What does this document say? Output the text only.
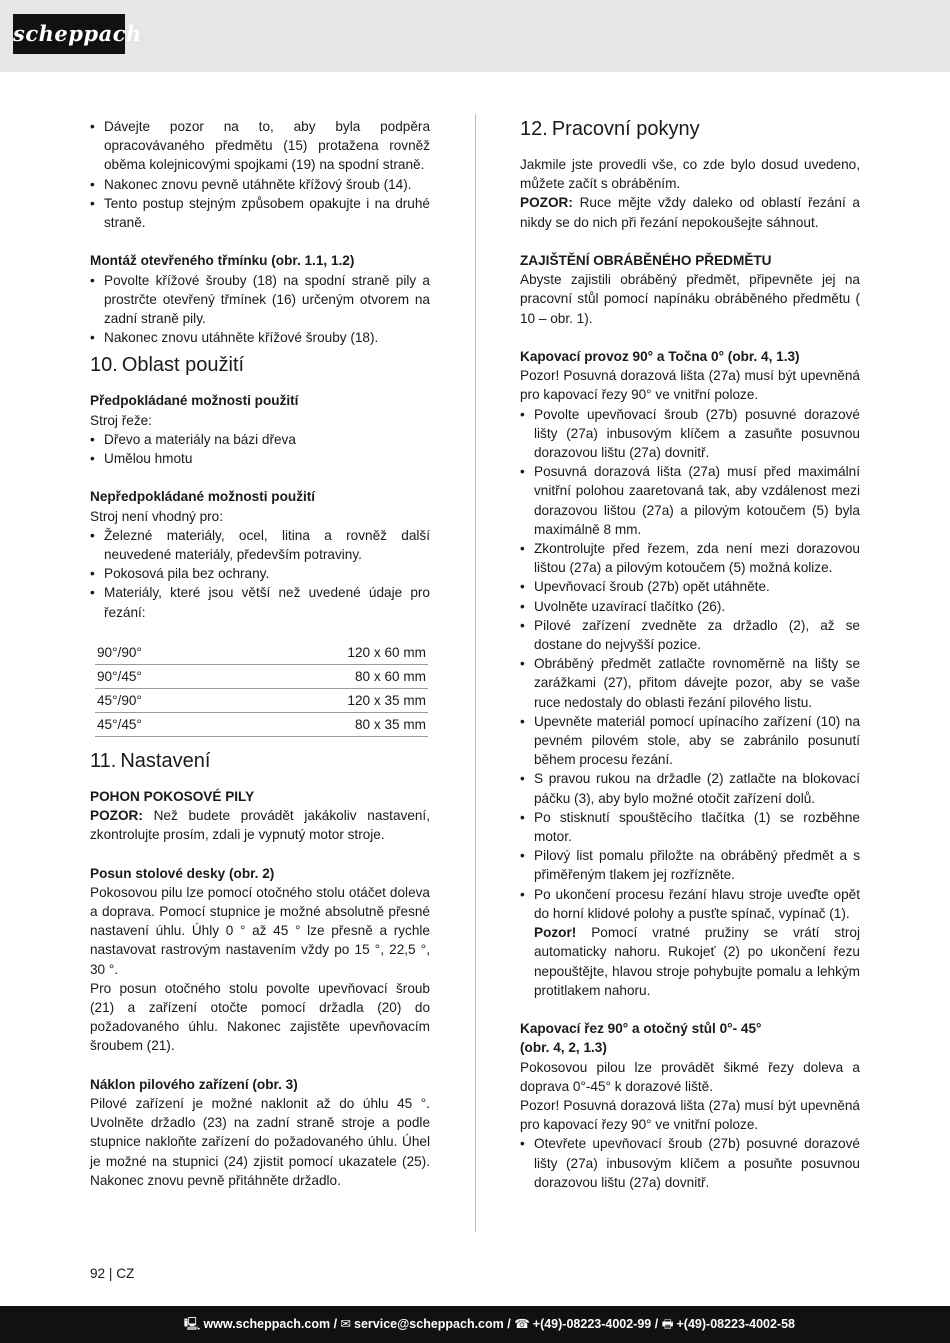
scheppach
• Dávejte pozor na to, aby byla podpěra opracovávaného předmětu (15) protažena rovněž oběma kolejnicovými spojkami (19) na spodní straně.
• Nakonec znovu pevně utáhněte křížový šroub (14).
• Tento postup stejným způsobem opakujte i na druhé straně.

Montáž otevřeného třmínku (obr. 1.1, 1.2)

• Povolte křížové šrouby (18) na spodní straně pily a prostrčte otevřený třmínek (16) určeným otvorem na zadní straně pily.
• Nakonec znovu utáhněte křížové šrouby (18).
10. Oblast použití

Předpokládané možnosti použití

Stroj řeže:

• Dřevo a materiály na bázi dřeva
• Umělou hmotu

Nepředpokládané možnosti použití

Stroj není vhodný pro:

• Železné materiály, ocel, litina a rovněž další neuvedené materiály, především potraviny.
• Pokosová pila bez ochrany.
• Materiály, které jsou větší než uvedené údaje pro řezání:
90°/90°	120 x 60 mm
90°/45°	80 x 60 mm
45°/90°	120 x 35 mm
45°/45°	80 x 35 mm
11. Nastavení

POHON POKOSOVÉ PILY

POZOR: Než budete provádět jakákoliv nastavení, zkontrolujte prosím, zdali je vypnutý motor stroje.

Posun stolové desky (obr. 2)

Pokosovou pilu lze pomocí otočného stolu otáčet doleva a doprava. Pomocí stupnice je možné absolutně přesné nastavení úhlu. Úhly 0 ° až 45 ° lze přesně a rychle nastavovat rastrovým nastavením vždy po 15 °, 22,5 °, 30 °.

Pro posun otočného stolu povolte upevňovací šroub (21) a zařízení otočte pomocí držadla (20) do požadovaného úhlu. Nakonec zajistěte upevňovacím šroubem (21).

Náklon pilového zařízení (obr. 3)

Pilové zařízení je možné naklonit až do úhlu 45 °. Uvolněte držadlo (23) na zadní straně stroje a podle stupnice nakloňte zařízení do požadovaného úhlu. Úhel je možné na stupnici (24) zjistit pomocí ukazatele (25). Nakonec znovu pevně přitáhněte držadlo.

12. Pracovní pokyny

Jakmile jste provedli vše, co zde bylo dosud uvedeno, můžete začít s obráběním.

POZOR: Ruce mějte vždy daleko od oblastí řezání a nikdy se do nich při řezání nepokoušejte sáhnout.

ZAJIŠTĚNÍ OBRÁBĚNÉHO PŘEDMĚTU

Abyste zajistili obráběný předmět, připevněte jej na pracovní stůl pomocí napínáku obráběného předmětu ( 10 – obr. 1).

Kapovací provoz 90° a Točna 0° (obr. 4, 1.3)

Pozor! Posuvná dorazová lišta (27a) musí být upevněná pro kapovací řezy 90° ve vnitřní poloze.

• Povolte upevňovací šroub (27b) posuvné dorazové lišty (27a) inbusovým klíčem a zasuňte posuvnou dorazovou lištu (27a) dovnitř.
• Posuvná dorazová lišta (27a) musí před maximální vnitřní polohou zaaretovaná tak, aby vzdálenost mezi dorazovou lištou (27a) a pilovým kotoučem (5) byla maximálně 8 mm.
• Zkontrolujte před řezem, zda není mezi dorazovou lištou (27a) a pilovým kotoučem (5) možná kolize.
• Upevňovací šroub (27b) opět utáhněte.
• Uvolněte uzavírací tlačítko (26).
• Pilové zařízení zvedněte za držadlo (2), až se dostane do nejvyšší pozice.
• Obráběný předmět zatlačte rovnoměrně na lišty se zarážkami (27), přitom dávejte pozor, aby se vaše ruce nedostaly do oblasti řezání pilového listu.
• Upevněte materiál pomocí upínacího zařízení (10) na pevném pilovém stole, aby se zabránilo posunutí během procesu řezání.
• S pravou rukou na držadle (2) zatlačte na blokovací páčku (3), aby bylo možné otočit zařízení dolů.
• Po stisknutí spouštěcího tlačítka (1) se rozběhne motor.
• Pilový list pomalu přiložte na obráběný předmět a s přiměřeným tlakem jej rozřízněte.
• Po ukončení procesu řezání hlavu stroje uveďte opět do horní klidové polohy a pusťte spínač, vypínač (1).

Pozor! Pomocí vratné pružiny se vrátí stroj automaticky nahoru. Rukojeť (2) po ukončení řezu nepouštějte, hlavou stroje pohybujte pomalu a lehkým protitlakem nahoru.

Kapovací řez 90° a otočný stůl 0°- 45°

(obr. 4, 2, 1.3)

Pokosovou pilou lze provádět šikmé řezy doleva a doprava 0°-45° k dorazové liště.

Pozor! Posuvná dorazová lišta (27a) musí být upevněná pro kapovací řezy 90° ve vnitřní poloze.

• Otevřete upevňovací šroub (27b) posuvné dorazové lišty (27a) inbusovým klíčem a posuňte posuvnou dorazovou lištu (27a) dovnitř.
92 | CZ
🖳 www.scheppach.com / ✉ service@scheppach.com / ☎ +(49)-08223-4002-99 / 🖶 +(49)-08223-4002-58
